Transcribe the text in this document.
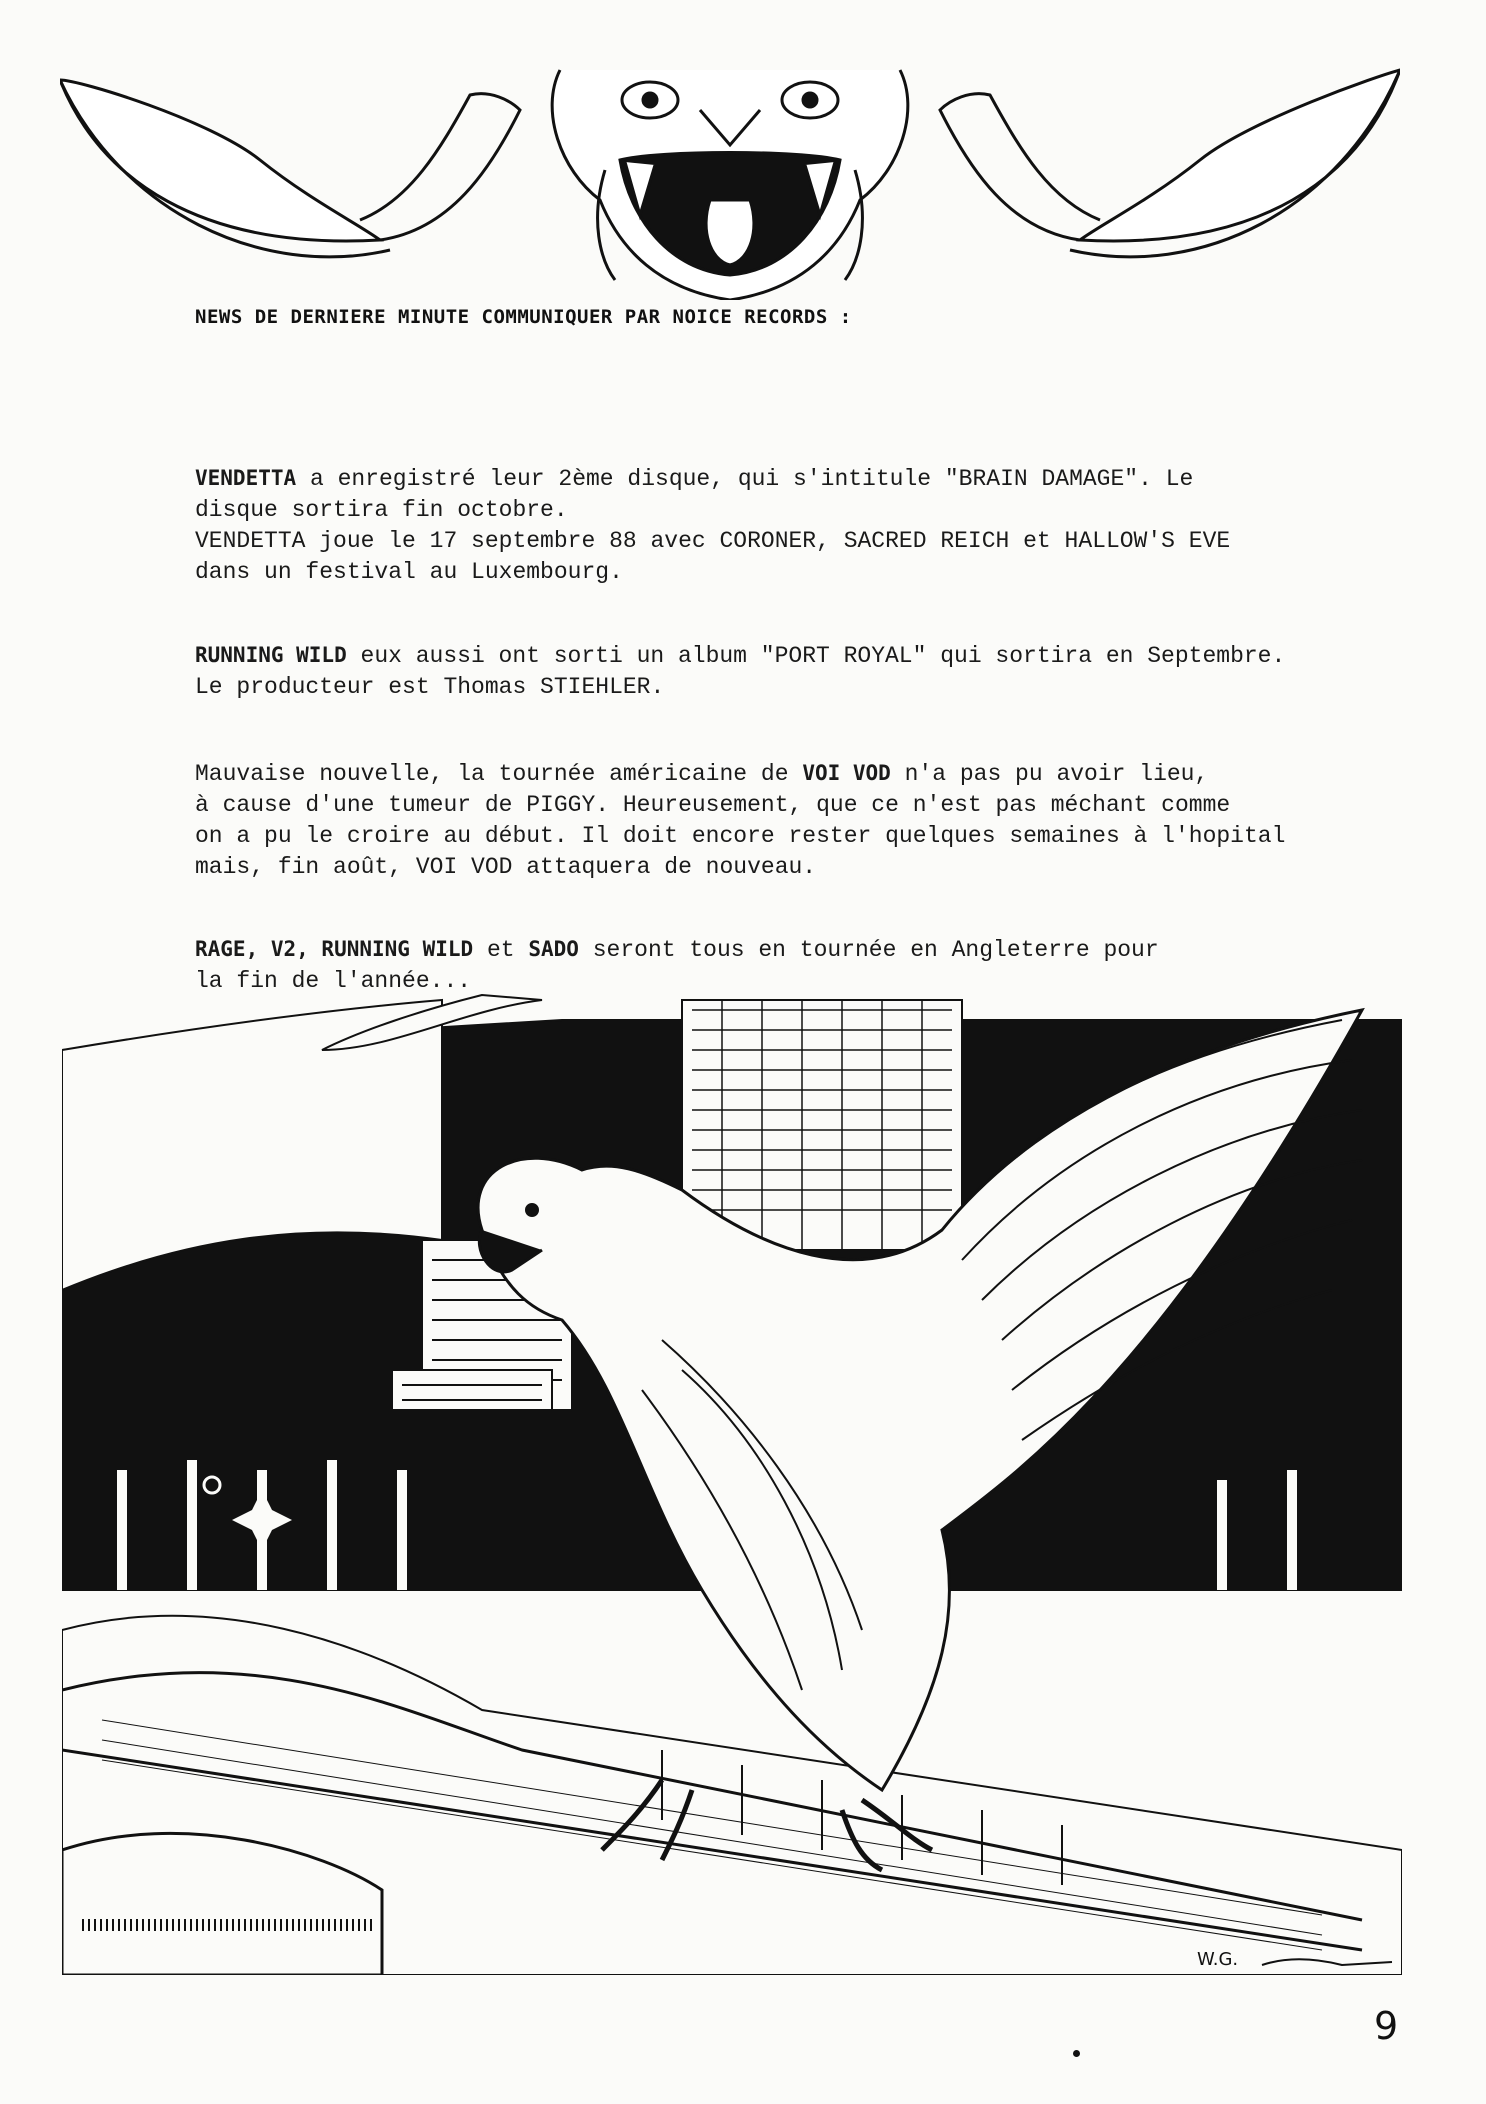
NEWS DE DERNIERE MINUTE COMMUNIQUER PAR NOICE RECORDS :
VENDETTA a enregistré leur 2ème disque, qui s'intitule "BRAIN DAMAGE". Le
disque sortira fin octobre.
VENDETTA joue le 17 septembre 88 avec CORONER, SACRED REICH et HALLOW'S EVE
dans un festival au Luxembourg.
RUNNING WILD eux aussi ont sorti un album "PORT ROYAL" qui sortira en Septembre.
Le producteur est Thomas STIEHLER.
Mauvaise nouvelle, la tournée américaine de VOI VOD n'a pas pu avoir lieu,
à cause d'une tumeur de PIGGY. Heureusement, que ce n'est pas méchant comme
on a pu le croire au début. Il doit encore rester quelques semaines à l'hopital
mais, fin août, VOI VOD attaquera de nouveau.
RAGE, V2, RUNNING WILD et SADO seront tous en tournée en Angleterre pour
la fin de l'année...
W.G.
9
